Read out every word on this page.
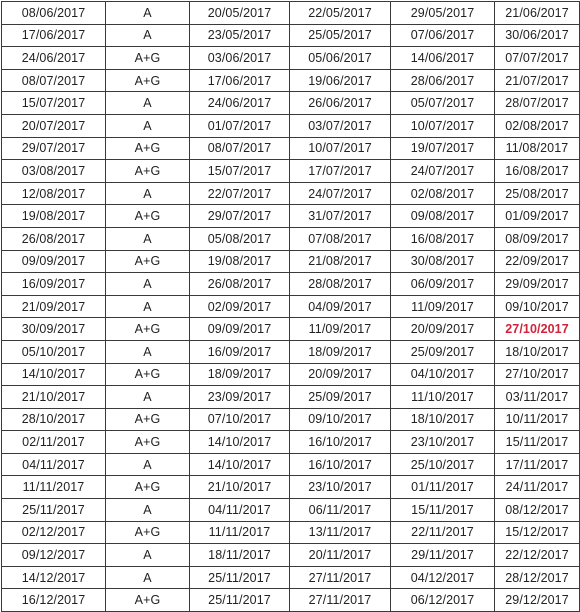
08/06/2017	A	20/05/2017	22/05/2017	29/05/2017	21/06/2017
17/06/2017	A	23/05/2017	25/05/2017	07/06/2017	30/06/2017
24/06/2017	A+G	03/06/2017	05/06/2017	14/06/2017	07/07/2017
08/07/2017	A+G	17/06/2017	19/06/2017	28/06/2017	21/07/2017
15/07/2017	A	24/06/2017	26/06/2017	05/07/2017	28/07/2017
20/07/2017	A	01/07/2017	03/07/2017	10/07/2017	02/08/2017
29/07/2017	A+G	08/07/2017	10/07/2017	19/07/2017	11/08/2017
03/08/2017	A+G	15/07/2017	17/07/2017	24/07/2017	16/08/2017
12/08/2017	A	22/07/2017	24/07/2017	02/08/2017	25/08/2017
19/08/2017	A+G	29/07/2017	31/07/2017	09/08/2017	01/09/2017
26/08/2017	A	05/08/2017	07/08/2017	16/08/2017	08/09/2017
09/09/2017	A+G	19/08/2017	21/08/2017	30/08/2017	22/09/2017
16/09/2017	A	26/08/2017	28/08/2017	06/09/2017	29/09/2017
21/09/2017	A	02/09/2017	04/09/2017	11/09/2017	09/10/2017
30/09/2017	A+G	09/09/2017	11/09/2017	20/09/2017	27/10/2017
05/10/2017	A	16/09/2017	18/09/2017	25/09/2017	18/10/2017
14/10/2017	A+G	18/09/2017	20/09/2017	04/10/2017	27/10/2017
21/10/2017	A	23/09/2017	25/09/2017	11/10/2017	03/11/2017
28/10/2017	A+G	07/10/2017	09/10/2017	18/10/2017	10/11/2017
02/11/2017	A+G	14/10/2017	16/10/2017	23/10/2017	15/11/2017
04/11/2017	A	14/10/2017	16/10/2017	25/10/2017	17/11/2017
11/11/2017	A+G	21/10/2017	23/10/2017	01/11/2017	24/11/2017
25/11/2017	A	04/11/2017	06/11/2017	15/11/2017	08/12/2017
02/12/2017	A+G	11/11/2017	13/11/2017	22/11/2017	15/12/2017
09/12/2017	A	18/11/2017	20/11/2017	29/11/2017	22/12/2017
14/12/2017	A	25/11/2017	27/11/2017	04/12/2017	28/12/2017
16/12/2017	A+G	25/11/2017	27/11/2017	06/12/2017	29/12/2017
